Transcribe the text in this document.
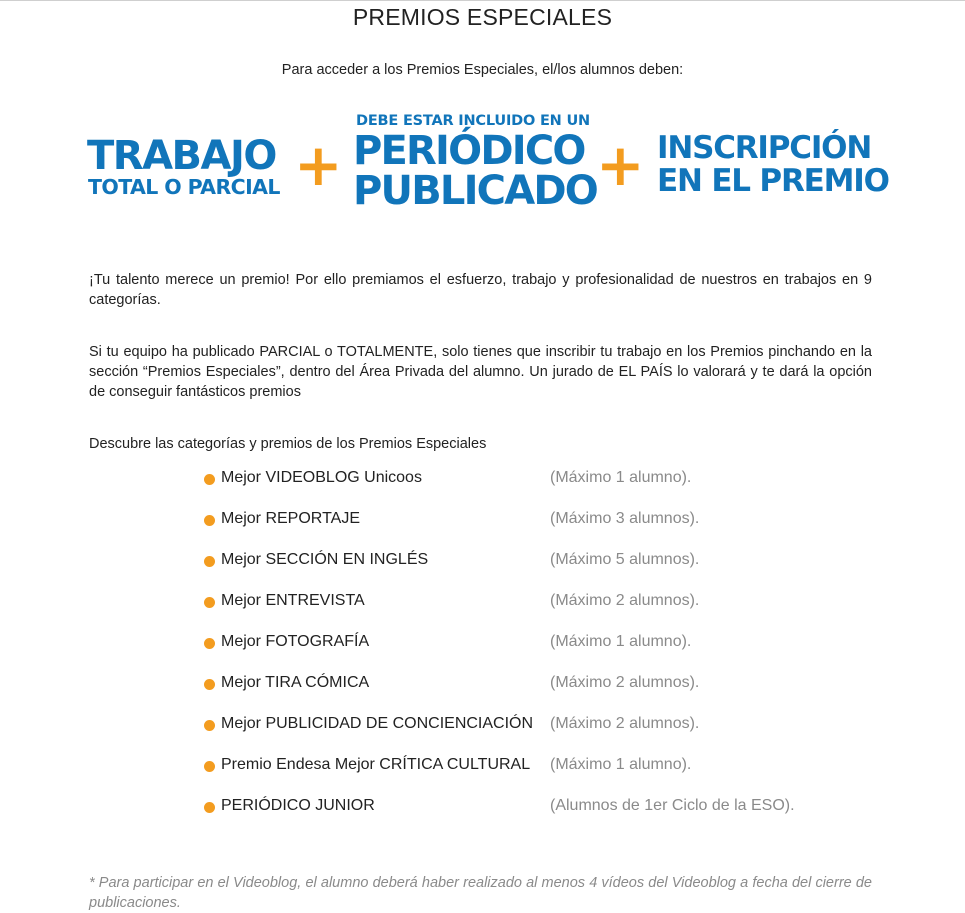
PREMIOS ESPECIALES
Para acceder a los Premios Especiales, el/los alumnos deben:
TRABAJO
TOTAL O PARCIAL +
DEBE ESTAR INCLUIDO EN UN
PERIÓDICO
PUBLICADO + INSCRIPCIÓN
EN EL PREMIO

¡Tu talento merece un premio! Por ello premiamos el esfuerzo, trabajo y profesionalidad de nuestros en trabajos en 9 categorías.

Si tu equipo ha publicado PARCIAL o TOTALMENTE, solo tienes que inscribir tu trabajo en los Premios pinchando en la sección “Premios Especiales”, dentro del Área Privada del alumno. Un jurado de EL PAÍS lo valorará y te dará la opción de conseguir fantásticos premios

Descubre las categorías y premios de los Premios Especiales

Mejor VIDEOBLOG Unicoos	(Máximo 1 alumno).
Mejor REPORTAJE	(Máximo 3 alumnos).
Mejor SECCIÓN EN INGLÉS	(Máximo 5 alumnos).
Mejor ENTREVISTA	(Máximo 2 alumnos).
Mejor FOTOGRAFÍA	(Máximo 1 alumno).
Mejor TIRA CÓMICA	(Máximo 2 alumnos).
Mejor PUBLICIDAD DE CONCIENCIACIÓN (Máximo 2 alumnos).
Premio Endesa Mejor CRÍTICA CULTURAL (Máximo 1 alumno).
PERIÓDICO JUNIOR	(Alumnos de 1er Ciclo de la ESO).

* Para participar en el Videoblog, el alumno deberá haber realizado al menos 4 vídeos del Videoblog a fecha del cierre de publicaciones.
